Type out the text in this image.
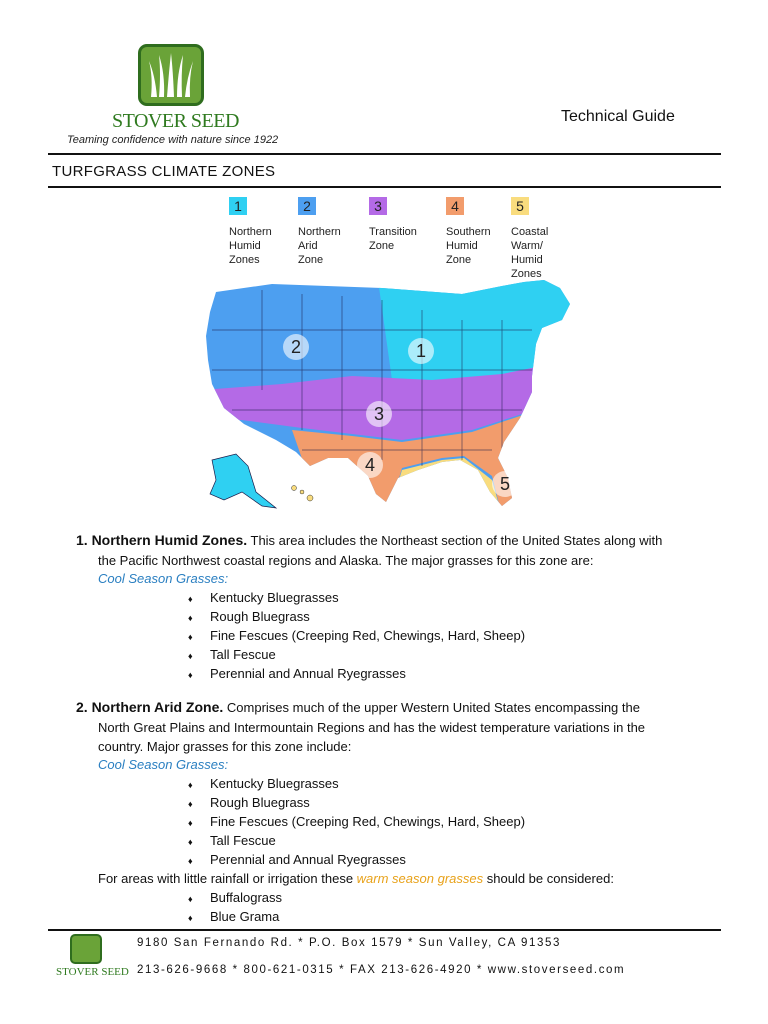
STOVER SEED
Teaming confidence with nature since 1922
Technical Guide
TURFGRASS CLIMATE ZONES
1
Northern
Humid
Zones
2
Northern
Arid
Zone
3
Transition
Zone
4
Southern
Humid
Zone
5
Coastal
Warm/
Humid
Zones
2	1
3
4
5
1. Northern Humid Zones. This area includes the Northeast section of the United States along with
the Pacific Northwest coastal regions and Alaska. The major grasses for this zone are:
Cool Season Grasses:
♦ Kentucky Bluegrasses
♦ Rough Bluegrass
♦ Fine Fescues (Creeping Red, Chewings, Hard, Sheep)
♦ Tall Fescue
♦ Perennial and Annual Ryegrasses
2. Northern Arid Zone. Comprises much of the upper Western United States encompassing the
North Great Plains and Intermountain Regions and has the widest temperature variations in the
country. Major grasses for this zone include:
Cool Season Grasses:
♦ Kentucky Bluegrasses
♦ Rough Bluegrass
♦ Fine Fescues (Creeping Red, Chewings, Hard, Sheep)
♦ Tall Fescue
♦ Perennial and Annual Ryegrasses
For areas with little rainfall or irrigation these warm season grasses should be considered:
♦ Buffalograss
♦ Blue Grama
STOVER SEED
9180 San Fernando Rd. * P.O. Box 1579 * Sun Valley, CA 91353
213-626-9668 * 800-621-0315 * FAX 213-626-4920 * www.stoverseed.com
